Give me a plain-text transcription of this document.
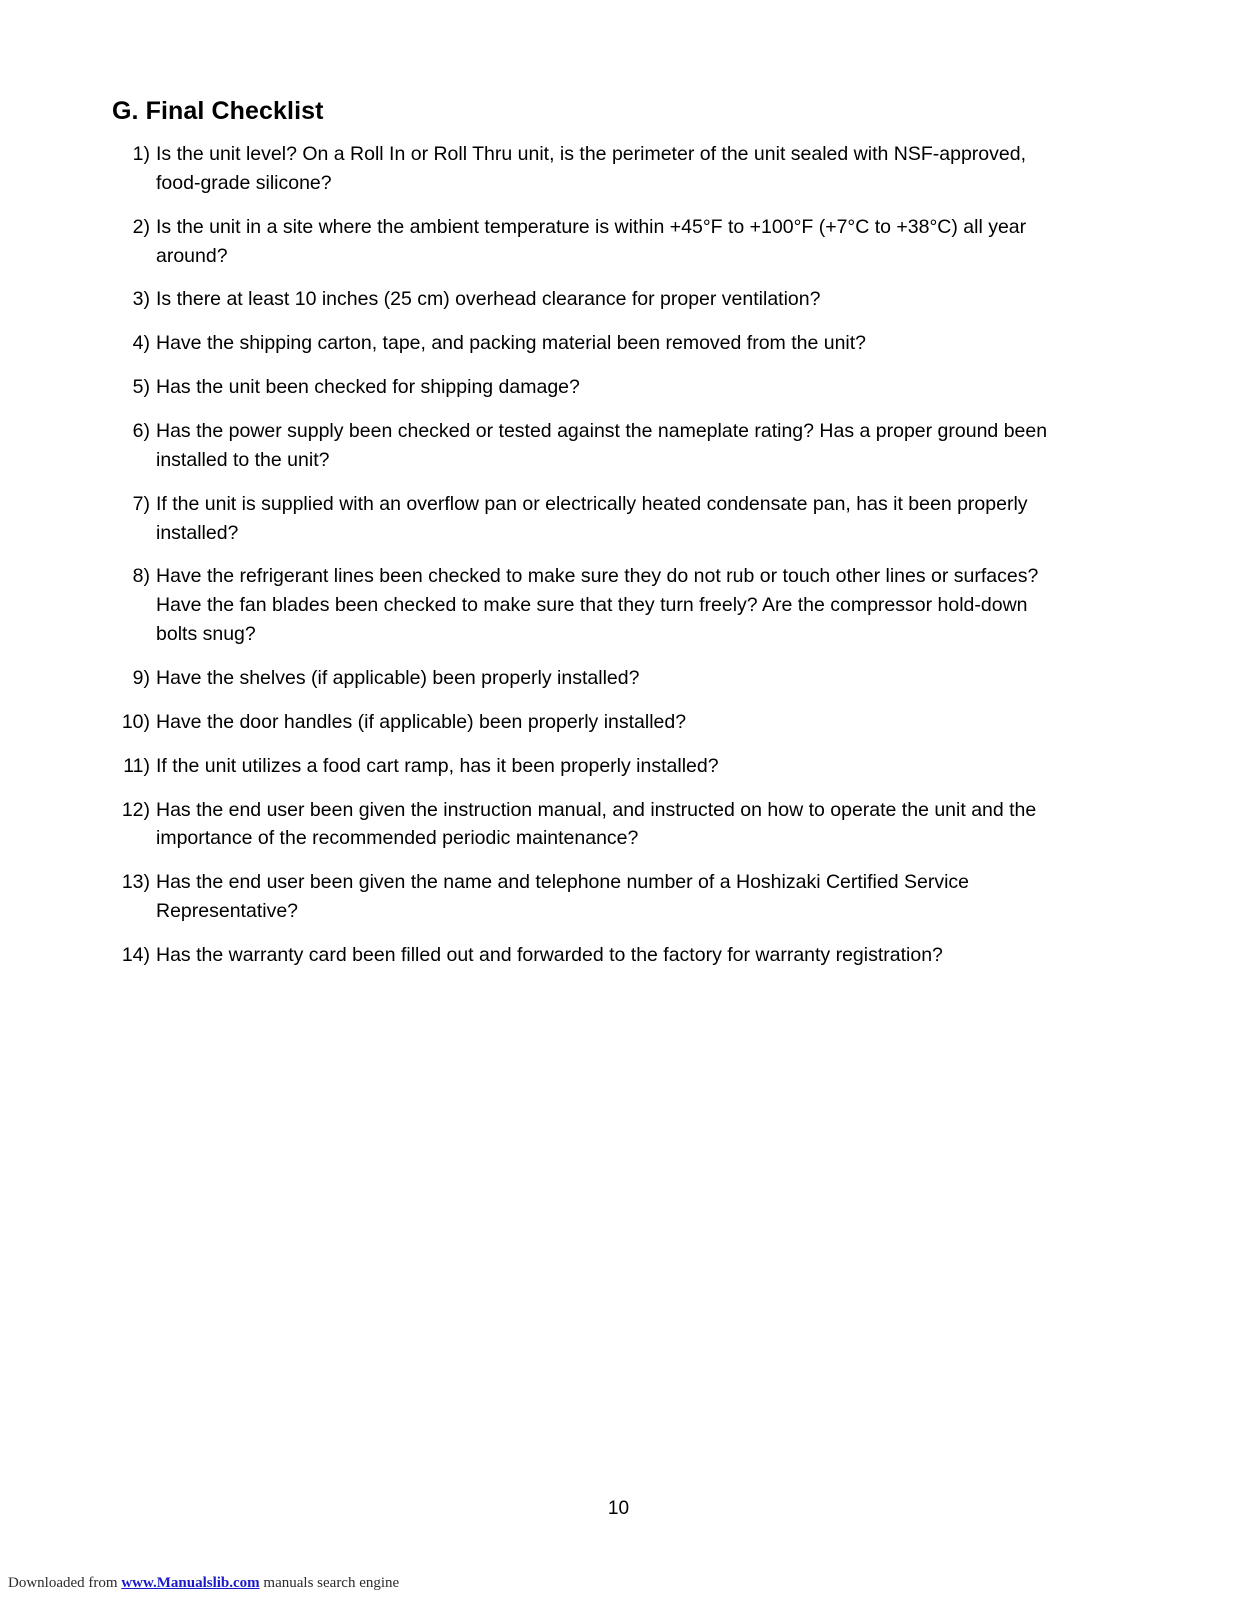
G. Final Checklist
1) Is the unit level? On a Roll In or Roll Thru unit, is the perimeter of the unit sealed with NSF-approved, food-grade silicone?
2) Is the unit in a site where the ambient temperature is within +45°F to +100°F (+7°C to +38°C) all year around?
3) Is there at least 10 inches (25 cm) overhead clearance for proper ventilation?
4) Have the shipping carton, tape, and packing material been removed from the unit?
5) Has the unit been checked for shipping damage?
6) Has the power supply been checked or tested against the nameplate rating? Has a proper ground been installed to the unit?
7) If the unit is supplied with an overflow pan or electrically heated condensate pan, has it been properly installed?
8) Have the refrigerant lines been checked to make sure they do not rub or touch other lines or surfaces? Have the fan blades been checked to make sure that they turn freely? Are the compressor hold-down bolts snug?
9) Have the shelves (if applicable) been properly installed?
10) Have the door handles (if applicable) been properly installed?
11) If the unit utilizes a food cart ramp, has it been properly installed?
12) Has the end user been given the instruction manual, and instructed on how to operate the unit and the importance of the recommended periodic maintenance?
13) Has the end user been given the name and telephone number of a Hoshizaki Certified Service Representative?
14) Has the warranty card been filled out and forwarded to the factory for warranty registration?
10
Downloaded from www.Manualslib.com manuals search engine
